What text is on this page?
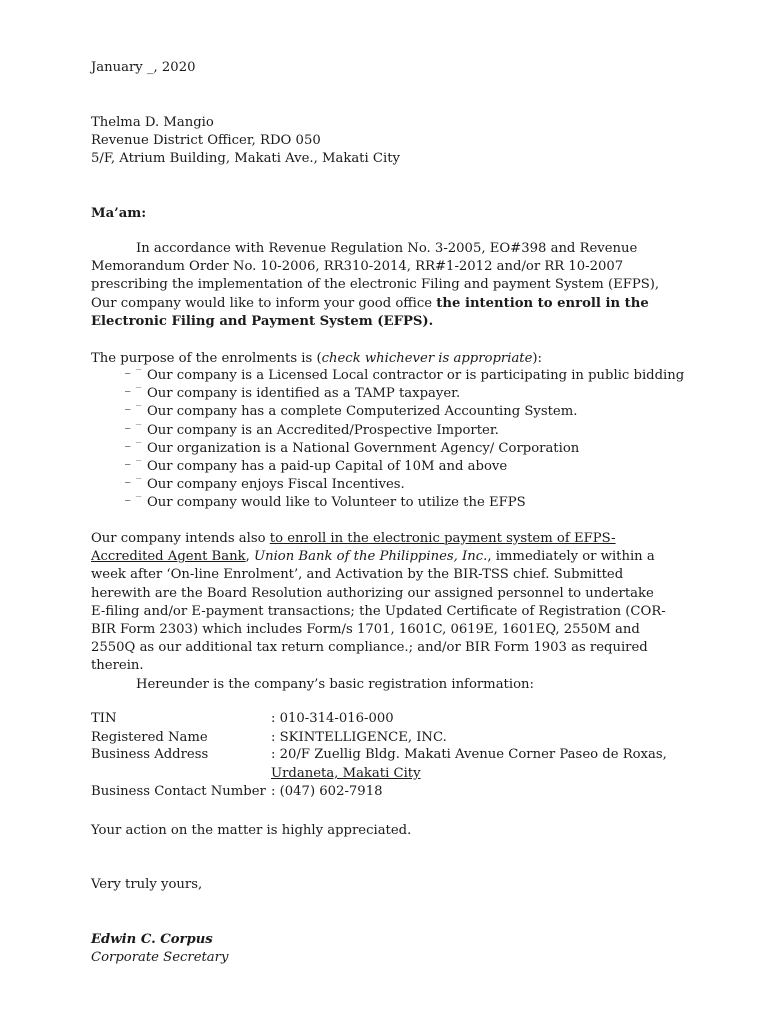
January _, 2020
Thelma D. Mangio
Revenue District Officer, RDO 050
5/F, Atrium Building, Makati Ave., Makati City
Ma’am:
In accordance with Revenue Regulation No. 3-2005, EO#398 and Revenue Memorandum Order No. 10-2006, RR310-2014, RR#1-2012 and/or RR 10-2007 prescribing the implementation of the electronic Filing and payment System (EFPS), Our company would like to inform your good office the intention to enroll in the Electronic Filing and Payment System (EFPS).
The purpose of the enrolments is (check whichever is appropriate):
– ̅ Our company is a Licensed Local contractor or is participating in public bidding
– ̅ Our company is identified as a TAMP taxpayer.
– ̅ Our company has a complete Computerized Accounting System.
– ̅ Our company is an Accredited/Prospective Importer.
– ̅ Our organization is a National Government Agency/ Corporation
– ̅ Our company has a paid-up Capital of 10M and above
– ̅ Our company enjoys Fiscal Incentives.
– ̅ Our company would like to Volunteer to utilize the EFPS
Our company intends also to enroll in the electronic payment system of EFPS- Accredited Agent Bank, Union Bank of the Philippines, Inc., immediately or within a week after ‘On-line Enrolment’, and Activation by the BIR-TSS chief. Submitted herewith are the Board Resolution authorizing our assigned personnel to undertake E-filing and/or E-payment transactions; the Updated Certificate of Registration (COR-BIR Form 2303) which includes Form/s 1701, 1601C, 0619E, 1601EQ, 2550M and 2550Q as our additional tax return compliance.; and/or BIR Form 1903 as required therein.
Hereunder is the company’s basic registration information:
TIN	: 010-314-016-000
Registered Name	: SKINTELLIGENCE, INC.
Business Address	: 20/F Zuellig Bldg. Makati Avenue Corner Paseo de Roxas,
Urdaneta, Makati City
Business Contact Number : (047) 602-7918
Your action on the matter is highly appreciated.
Very truly yours,
Edwin C. Corpus
Corporate Secretary
